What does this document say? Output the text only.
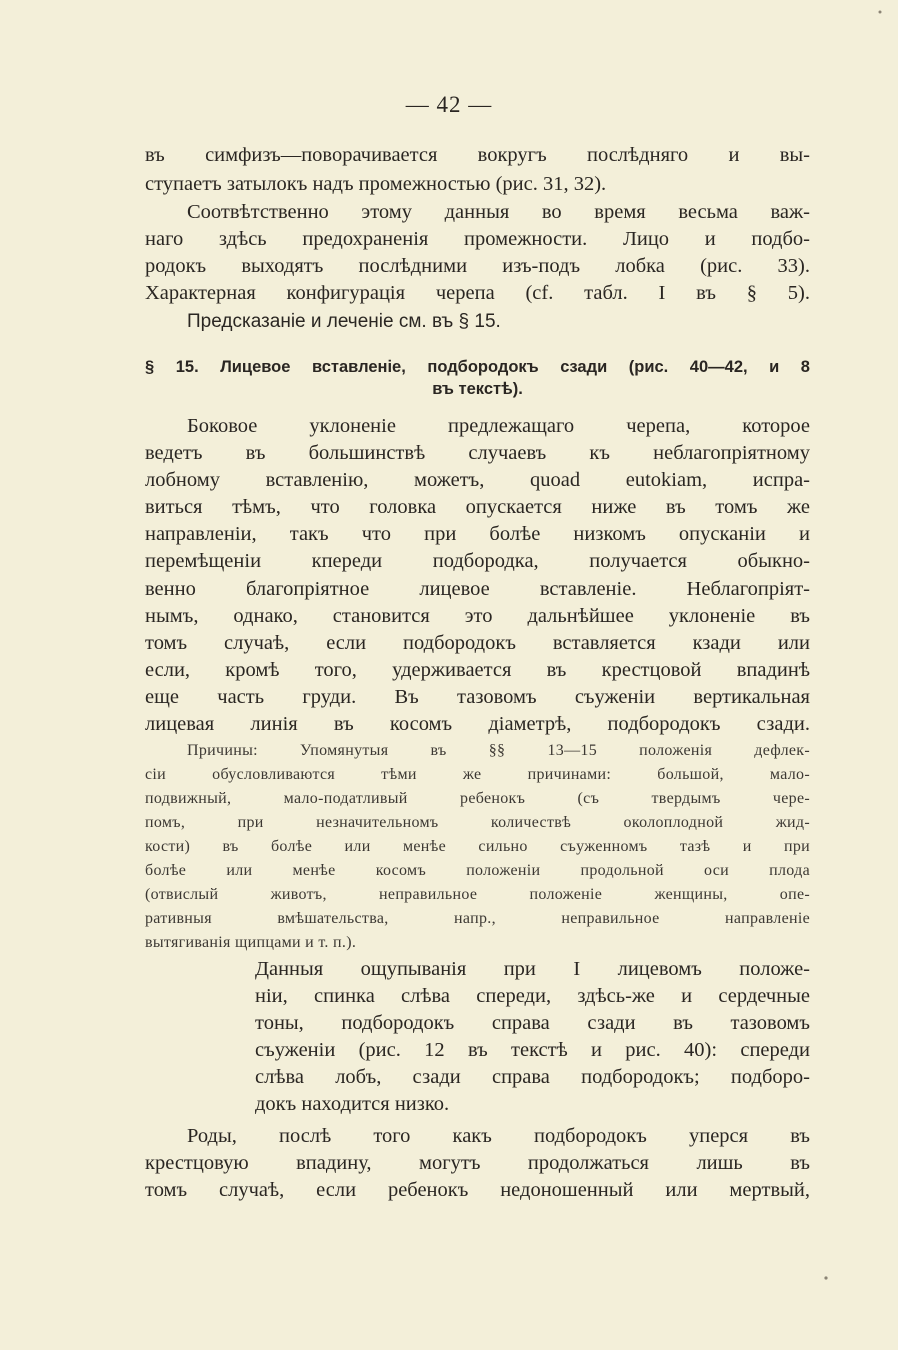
— 42 —
въ симфизъ—поворачивается вокругъ послѣдняго и вы-
ступаетъ затылокъ надъ промежностью (рис. 31, 32).
Соотвѣтственно этому данныя во время весьма важ-
наго здѣсь предохраненія промежности. Лицо и подбо-
родокъ выходятъ послѣдними изъ-подъ лобка (рис. 33).
Характерная конфигурація черепа (cf. табл. I въ § 5).
Предсказаніе и леченіе см. въ § 15.
§ 15. Лицевое вставленіе, подбородокъ сзади (рис. 40—42, и 8
въ текстѣ).
Боковое уклоненіе предлежащаго черепа, которое
ведетъ въ большинствѣ случаевъ къ неблагопріятному
лобному вставленію, можетъ, quoad eutokiam, испра-
виться тѣмъ, что головка опускается ниже въ томъ же
направленіи, такъ что при болѣе низкомъ опусканіи и
перемѣщеніи кпереди подбородка, получается обыкно-
венно благопріятное лицевое вставленіе. Неблагопріят-
нымъ, однако, становится это дальнѣйшее уклоненіе въ
томъ случаѣ, если подбородокъ вставляется кзади или
если, кромѣ того, удерживается въ крестцовой впадинѣ
еще часть груди. Въ тазовомъ съуженіи вертикальная
лицевая линія въ косомъ діаметрѣ, подбородокъ сзади.
Причины: Упомянутыя въ §§ 13—15 положенія дефлек-
сіи обусловливаются тѣми же причинами: большой, мало-
подвижный, мало-податливый ребенокъ (съ твердымъ чере-
помъ, при незначительномъ количествѣ околоплодной жид-
кости) въ болѣе или менѣе сильно съуженномъ тазѣ и при
болѣе или менѣе косомъ положеніи продольной оси плода
(отвислый животъ, неправильное положеніе женщины, опе-
ративныя вмѣшательства, напр., неправильное направленіе
вытягиванія щипцами и т. п.).
Данныя ощупыванія при I лицевомъ положе-
ніи, спинка слѣва спереди, здѣсь-же и сердечные
тоны, подбородокъ справа сзади въ тазовомъ
съуженіи (рис. 12 въ текстѣ и рис. 40): спереди
слѣва лобъ, сзади справа подбородокъ; подборо-
докъ находится низко.
Роды, послѣ того какъ подбородокъ уперся въ
крестцовую впадину, могутъ продолжаться лишь въ
томъ случаѣ, если ребенокъ недоношенный или мертвый,
